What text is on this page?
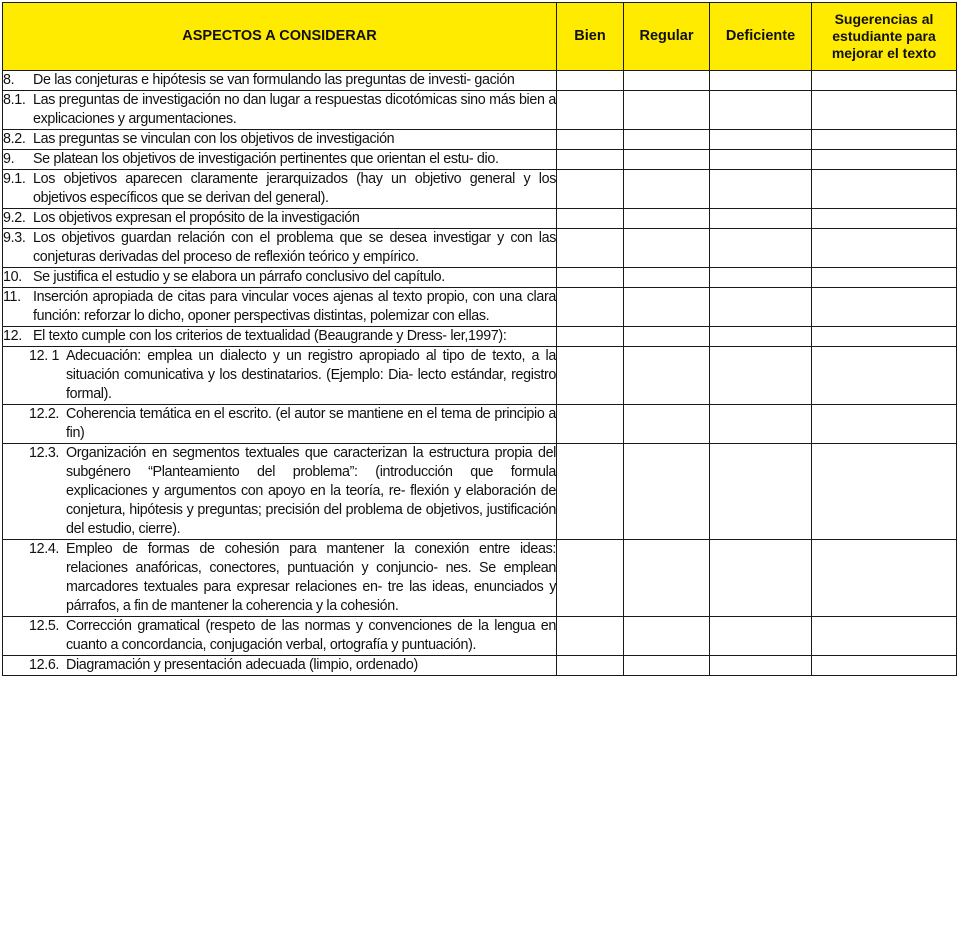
ASPECTOS A CONSIDERAR	Bien	Regular	Deficiente	Sugerencias al estudiante para mejorar el texto

8. De las conjeturas e hipótesis se van formulando las preguntas de investi- gación				

8.1. Las preguntas de investigación no dan lugar a respuestas dicotómicas sino más bien a explicaciones y argumentaciones.				

8.2. Las preguntas se vinculan con los objetivos de investigación				

9. Se platean los objetivos de investigación pertinentes que orientan el estu- dio.				

9.1. Los objetivos aparecen claramente jerarquizados (hay un objetivo general y los objetivos específicos que se derivan del general).				

9.2. Los objetivos expresan el propósito de la investigación				

9.3. Los objetivos guardan relación con el problema que se desea investigar y con las conjeturas derivadas del proceso de reflexión teórico y empírico.				

10. Se justifica el estudio y se elabora un párrafo conclusivo del capítulo.				

11. Inserción apropiada de citas para vincular voces ajenas al texto propio, con una clara función: reforzar lo dicho, oponer perspectivas distintas, polemizar con ellas.				

12. El texto cumple con los criterios de textualidad (Beaugrande y Dress- ler,1997):				

12. 1 Adecuación: emplea un dialecto y un registro apropiado al tipo de texto, a la situación comunicativa y los destinatarios. (Ejemplo: Dia- lecto estándar, registro formal).				

12.2. Coherencia temática en el escrito. (el autor se mantiene en el tema de principio a fin)				

12.3. Organización en segmentos textuales que caracterizan la estructura propia del subgénero “Planteamiento del problema”: (introducción que formula explicaciones y argumentos con apoyo en la teoría, re- flexión y elaboración de conjetura, hipótesis y preguntas; precisión del problema de objetivos, justificación del estudio, cierre).				

12.4. Empleo de formas de cohesión para mantener la conexión entre ideas: relaciones anafóricas, conectores, puntuación y conjuncio- nes. Se emplean marcadores textuales para expresar relaciones en- tre las ideas, enunciados y párrafos, a fin de mantener la coherencia y la cohesión.				

12.5. Corrección gramatical (respeto de las normas y convenciones de la lengua en cuanto a concordancia, conjugación verbal, ortografía y puntuación).				

12.6. Diagramación y presentación adecuada (limpio, ordenado)				
